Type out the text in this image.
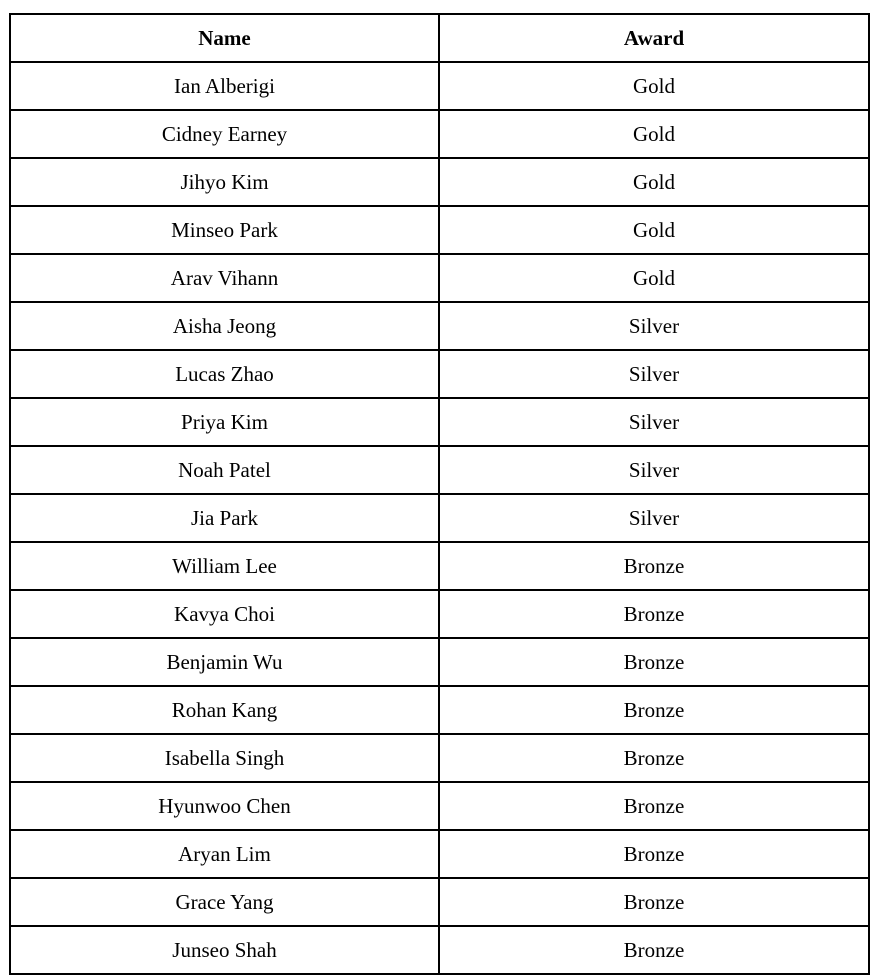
Name	Award
Ian Alberigi	Gold
Cidney Earney	Gold
Jihyo Kim	Gold
Minseo Park	Gold
Arav Vihann	Gold
Aisha Jeong	Silver
Lucas Zhao	Silver
Priya Kim	Silver
Noah Patel	Silver
Jia Park	Silver
William Lee	Bronze
Kavya Choi	Bronze
Benjamin Wu	Bronze
Rohan Kang	Bronze
Isabella Singh	Bronze
Hyunwoo Chen	Bronze
Aryan Lim	Bronze
Grace Yang	Bronze
Junseo Shah	Bronze
